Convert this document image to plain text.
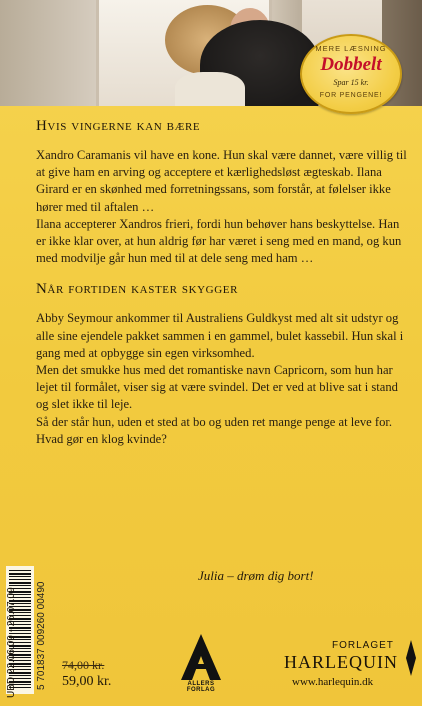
MERE LÆSNING
Dobbelt
Spar 15 kr.
FOR PENGENE!
Hvis vingerne kan bære

Xandro Caramanis vil have en kone. Hun skal være dannet, være villig til at give ham en arving og acceptere et kærlighedsløst ægteskab. Ilana Girard er en skønhed med forretningssans, som forstår, at følelser ikke hører med til aftalen …

Ilana accepterer Xandros frieri, fordi hun behøver hans beskyttelse. Han er ikke klar over, at hun aldrig før har været i seng med en mand, og kun med modvilje går hun med til at dele seng med ham …

Når fortiden kaster skygger

Abby Seymour ankommer til Australiens Guldkyst med alt sit udstyr og alle sine ejendele pakket sammen i en gammel, bulet kassebil. Hun skal i gang med at opbygge sin egen virksomhed.

Men det smukke hus med det romantiske navn Capricorn, som hun har lejet til formålet, viser sig at være svindel. Det er ved at blive sat i stand og slet ikke til leje.

Så der står hun, uden et sted at bo og uden ret mange penge at leve for. Hvad gør en klog kvinde?

Julia – drøm dig bort!
5 701837 009260 00490
UBD 22.06.09 - 26.07.09	74,00 kr.
59,00 kr.	ALLERS FORLAG
FORLAGET
HARLEQUIN
www.harlequin.dk
